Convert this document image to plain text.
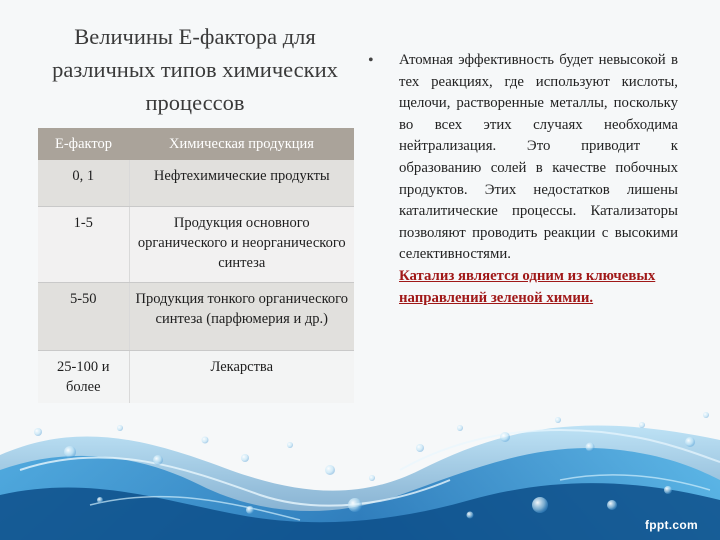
Величины Е-фактора для различных типов химических процессов
Е-фактор	Химическая продукция
0, 1	Нефтехимические продукты
1-5	Продукция основного органического и неорганического синтеза
5-50	Продукция тонкого органического синтеза (парфюмерия и др.)
25-100 и более	Лекарства
•	Атомная эффективность будет невысокой в тех реакциях, где используют кислоты, щелочи, растворенные металлы, поскольку во всех этих случаях необходима нейтрализация. Это приводит к образованию солей в качестве побочных продуктов. Этих недостатков лишены каталитические процессы. Катализаторы позволяют проводить реакции с высокими селективностями.
Катализ является одним из ключевых направлений зеленой химии.
fppt.com
